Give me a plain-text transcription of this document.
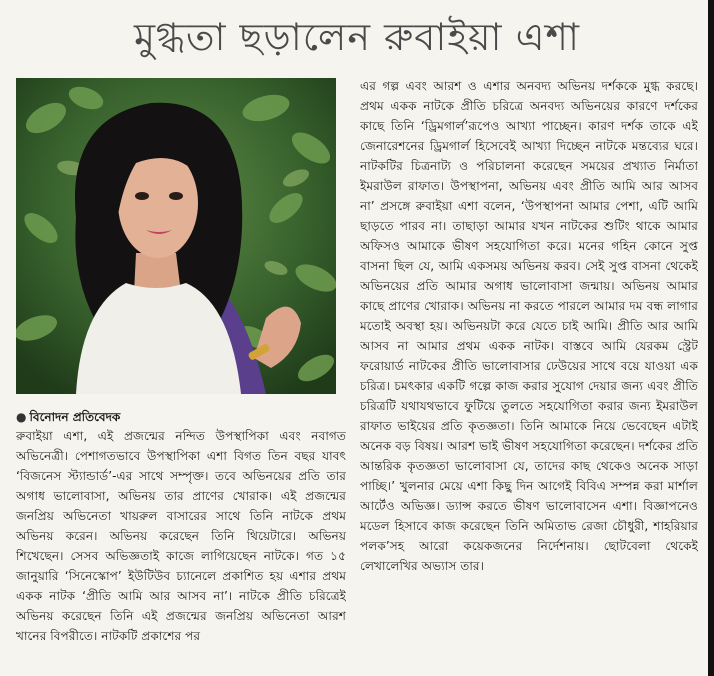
মুগ্ধতা ছড়ালেন রুবাইয়া এশা
● বিনোদন প্রতিবেদক

রুবাইয়া এশা, এই প্রজন্মের নন্দিত উপস্থাপিকা এবং নবাগত অভিনেত্রী। পেশাগতভাবে উপস্থাপিকা এশা বিগত তিন বছর যাবৎ ‘বিজনেস স্ট্যান্ডার্ড’-এর সাথে সম্পৃক্ত। তবে অভিনয়ের প্রতি তার অগাধ ভালোবাসা, অভিনয় তার প্রাণের খোরাক। এই প্রজন্মের জনপ্রিয় অভিনেতা খায়রুল বাসারের সাথে তিনি নাটকে প্রথম অভিনয় করেন। অভিনয় করেছেন তিনি থিয়েটারে। অভিনয় শিখেছেন। সেসব অভিজ্ঞতাই কাজে লাগিয়েছেন নাটকে। গত ১৫ জানুয়ারি ‘সিনেস্কোপ’ ইউটিউব চ্যানেলে প্রকাশিত হয় এশার প্রথম একক নাটক ‘প্রীতি আমি আর আসব না’। নাটকে প্রীতি চরিত্রেই অভিনয় করেছেন তিনি এই প্রজন্মের জনপ্রিয় অভিনেতা আরশ খানের বিপরীতে। নাটকটি প্রকাশের পর

এর গল্প এবং আরশ ও এশার অনবদ্য অভিনয় দর্শককে মুগ্ধ করছে। প্রথম একক নাটকে প্রীতি চরিত্রে অনবদ্য অভিনয়ের কারণে দর্শকের কাছে তিনি ‘ড্রিমগার্ল’রূপেও আখ্যা পাচ্ছেন। কারণ দর্শক তাকে এই জেনারেশনের ড্রিমগার্ল হিসেবেই আখ্যা দিচ্ছেন নাটকে মন্তব্যের ঘরে। নাটকটির চিত্রনাট্য ও পরিচালনা করেছেন সময়ের প্রখ্যাত নির্মাতা ইমরাউল রাফাত। উপস্থাপনা, অভিনয় এবং প্রীতি আমি আর আসব না’ প্রসঙ্গে রুবাইয়া এশা বলেন, ‘উপস্থাপনা আমার পেশা, এটি আমি ছাড়তে পারব না। তাছাড়া আমার যখন নাটকের শুটিং থাকে আমার অফিসও আমাকে ভীষণ সহযোগিতা করে। মনের গহিন কোনে সুপ্ত বাসনা ছিল যে, আমি একসময় অভিনয় করব। সেই সুপ্ত বাসনা থেকেই অভিনয়ের প্রতি আমার অগাধ ভালোবাসা জন্মায়। অভিনয় আমার কাছে প্রাণের খোরাক। অভিনয় না করতে পারলে আমার দম বন্ধ লাগার মতোই অবস্থা হয়। অভিনয়টা করে যেতে চাই আমি। প্রীতি আর আমি আসব না আমার প্রথম একক নাটক। বাস্তবে আমি যেরকম স্ট্রেট ফরোয়ার্ড নাটকের প্রীতি ভালোবাসার ঢেউয়ের সাথে বয়ে যাওয়া এক চরিত্র। চমৎকার একটি গল্পে কাজ করার সুযোগ দেয়ার জন্য এবং প্রীতি চরিত্রটি যথাযথভাবে ফুটিয়ে তুলতে সহযোগিতা করার জন্য ইমরাউল রাফাত ভাইয়ের প্রতি কৃতজ্ঞতা। তিনি আমাকে নিয়ে ভেবেছেন এটাই অনেক বড় বিষয়। আরশ ভাই ভীষণ সহযোগিতা করেছেন। দর্শকের প্রতি আন্তরিক কৃতজ্ঞতা ভালোবাসা যে, তাদের কাছ থেকেও অনেক সাড়া পাচ্ছি।’ খুলনার মেয়ে এশা কিছু দিন আগেই বিবিএ সম্পন্ন করা মার্শাল আর্টেও অভিজ্ঞ। ড্যান্স করতে ভীষণ ভালোবাসেন এশা। বিজ্ঞাপনেও মডেল হিসাবে কাজ করেছেন তিনি অমিতাভ রেজা চৌধুরী, শাহরিয়ার পলক’সহ আরো কয়েকজনের নির্দেশনায়। ছোটবেলা থেকেই লেখালেখির অভ্যাস তার।
